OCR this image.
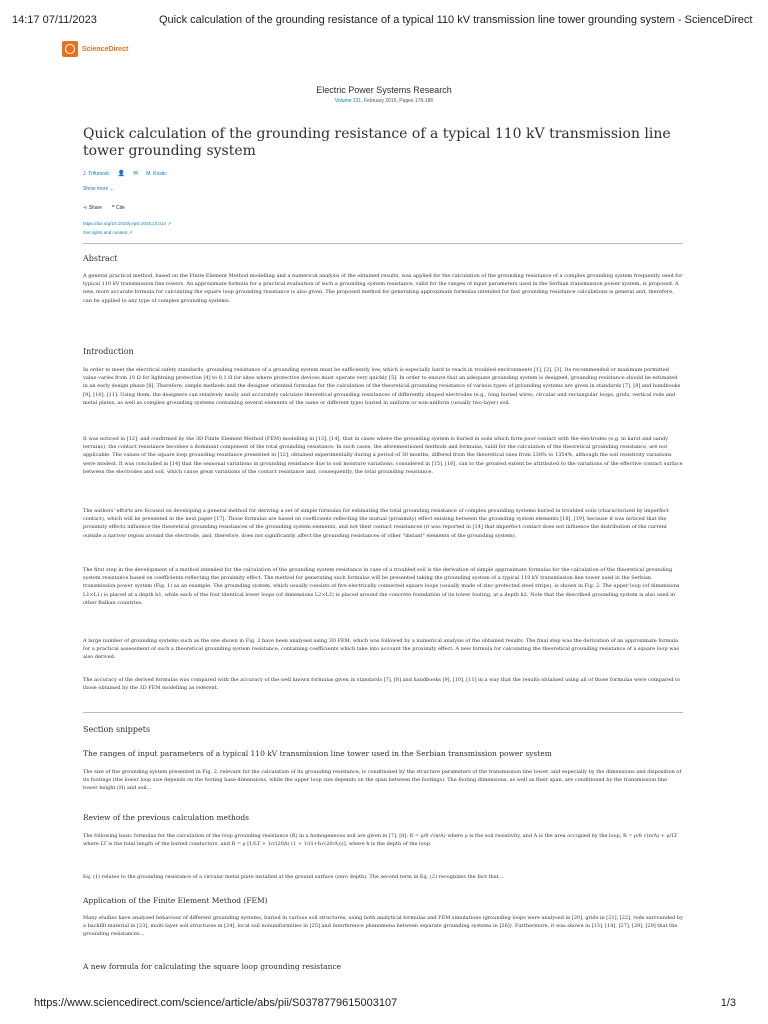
14:17 07/11/2023	Quick calculation of the grounding resistance of a typical 110 kV transmission line tower grounding system - ScienceDirect
ScienceDirect
Electric Power Systems Research
Volume 131, February 2016, Pages 178-186
Quick calculation of the grounding resistance of a typical 110 kV transmission line tower grounding system
J. Trifunovic 👤 ✉ M. Kostic
Show more ⌄
⋖ Share ❞ Cite
https://doi.org/10.1016/j.epsr.2015.10.014 ↗
Get rights and content ↗
Abstract

A general practical method, based on the Finite Element Method modelling and a numerical analysis of the obtained results, was applied for the calculation of the grounding resistance of a complex grounding system frequently used for typical 110 kV transmission line towers. An approximate formula for a practical evaluation of such a grounding system resistance, valid for the ranges of input parameters used in the Serbian transmission power system, is proposed. A new, more accurate formula for calculating the square loop grounding resistance is also given. The proposed method for generating approximate formulas intended for fast grounding resistance calculations is general and, therefore, can be applied to any type of complex grounding systems.

Introduction

In order to meet the electrical safety standards, grounding resistance of a grounding system must be sufficiently low, which is especially hard to reach in troubled environments [1], [2], [3]. Its recommended or maximum permitted value varies from 10 Ω for lightning protection [4] to 0.1 Ω for sites where protective devices must operate very quickly [5]. In order to ensure that an adequate grounding system is designed, grounding resistance should be estimated in an early design phase [6]. Therefore, simple methods and the designer oriented formulas for the calculation of the theoretical grounding resistance of various types of grounding systems are given in standards [7], [8] and handbooks [9], [10], [11]. Using them, the designers can relatively easily and accurately calculate theoretical grounding resistances of differently shaped electrodes (e.g., long buried wires, circular and rectangular loops, grids, vertical rods and metal plates, as well as complex grounding systems containing several elements of the same or different type) buried in uniform or non-uniform (usually two-layer) soil.

It was noticed in [12], and confirmed by the 3D Finite Element Method (FEM) modelling in [13], [14], that in cases where the grounding system is buried in soils which form poor contact with the electrodes (e.g. in karst and sandy terrains), the contact resistance becomes a dominant component of the total grounding resistance. In such cases, the aforementioned methods and formulas, valid for the calculation of the theoretical grounding resistance, are not applicable. The values of the square loop grounding resistance presented in [12], obtained experimentally during a period of 30 months, differed from the theoretical ones from 238% to 1354%, although the soil resistivity variations were modest. It was concluded in [14] that the seasonal variations in grounding resistance due to soil moisture variations, considered in [15], [16], can to the greatest extent be attributed to the variations of the effective contact surface between the electrodes and soil, which cause great variations of the contact resistance and, consequently, the total grounding resistance.

The authors' efforts are focused on developing a general method for deriving a set of simple formulas for estimating the total grounding resistance of complex grounding systems buried in troubled soils (characterized by imperfect contact), which will be presented in the next paper [17]. Those formulas are based on coefficients reflecting the mutual (proximity) effect existing between the grounding system elements [18], [19], because it was noticed that the proximity effects influence the theoretical grounding resistances of the grounding system elements, and not their contact resistances (it was reported in [14] that imperfect contact does not influence the distribution of the current outside a narrow region around the electrode, and, therefore, does not significantly affect the grounding resistances of other "distant" elements of the grounding system).

The first step in the development of a method intended for the calculation of the grounding system resistance in case of a troubled soil is the derivation of simple approximate formulas for the calculation of the theoretical grounding system resistance based on coefficients reflecting the proximity effect. The method for generating such formulas will be presented taking the grounding system of a typical 110 kV transmission line tower used in the Serbian transmission power system (Fig. 1) as an example. The grounding system, which usually consists of five electrically connected square loops (usually made of zinc-protected steel strips), is shown in Fig. 2. The upper loop (of dimensions L1×L1) is placed at a depth h1, while each of the four identical lower loops (of dimensions L2×L2) is placed around the concrete foundation of its tower footing, at a depth h2. Note that the described grounding system is also used in other Balkan countries.

A large number of grounding systems such as the one shown in Fig. 2 have been analysed using 3D FEM, which was followed by a numerical analysis of the obtained results. The final step was the derivation of an approximate formula for a practical assessment of such a theoretical grounding system resistance, containing coefficients which take into account the proximity effect. A new formula for calculating the theoretical grounding resistance of a square loop was also derived.

The accuracy of the derived formulas was compared with the accuracy of the well known formulas given in standards [7], [8] and handbooks [9], [10], [11] in a way that the results obtained using all of those formulas were compared to those obtained by the 3D FEM modelling as referent.

Section snippets
The ranges of input parameters of a typical 110 kV transmission line tower used in the Serbian transmission power system

The size of the grounding system presented in Fig. 2, relevant for the calculation of its grounding resistance, is conditioned by the structure parameters of the transmission line tower, and especially by the dimensions and disposition of its footings (the lower loop size depends on the footing base dimensions, while the upper loop size depends on the span between the footings). The footing dimensions, as well as their span, are conditioned by the transmission line tower height (H) and soil…

Review of the previous calculation methods

The following basic formulas for the calculation of the loop grounding resistance (R) in a homogeneous soil are given in [7], [8]: R = ρ/8 √(π/A) where ρ is the soil resistivity, and A is the area occupied by the loop, R = ρ/8 √(π/A) + ρ/LT where LT is the total length of the buried conductors, and R = ρ [1/LT + 1/√(20A) (1 + 1/(1+h√(20/A)))], where h is the depth of the loop.

Eq. (1) relates to the grounding resistance of a circular metal plate installed at the ground surface (zero depth). The second term in Eq. (2) recognizes the fact that…

Application of the Finite Element Method (FEM)

Many studies have analysed behaviour of different grounding systems, buried in various soil structures, using both analytical formulas and FEM simulations (grounding loops were analysed in [20], grids in [21], [22], rods surrounded by a backfill material in [23], multi-layer soil structures in [24], local soil nonuniformities in [25] and interference phenomena between separate grounding systems in [26]). Furthermore, it was shown in [13], [14], [27], [28], [29] that the grounding resistances…

A new formula for calculating the square loop grounding resistance
https://www.sciencedirect.com/science/article/abs/pii/S0378779615003107	1/3
